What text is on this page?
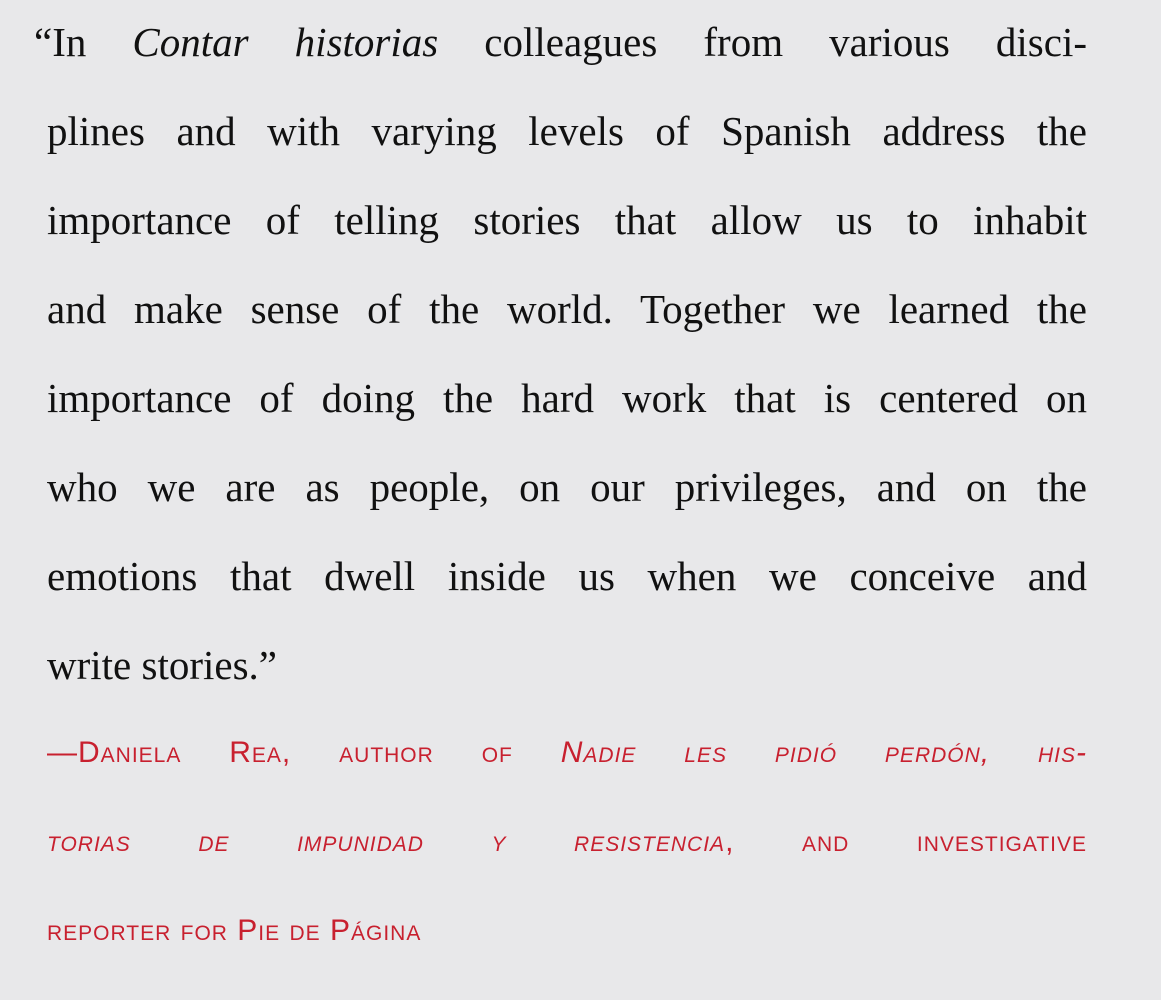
“In Contar historias colleagues from various disci-
plines and with varying levels of Spanish address the
importance of telling stories that allow us to inhabit
and make sense of the world. Together we learned the
importance of doing the hard work that is centered on
who we are as people, on our privileges, and on the
emotions that dwell inside us when we conceive and
write stories.”
—Daniela Rea, author of Nadie les pidió perdón, his-
torias de impunidad y resistencia, and investigative
reporter for Pie de Página
